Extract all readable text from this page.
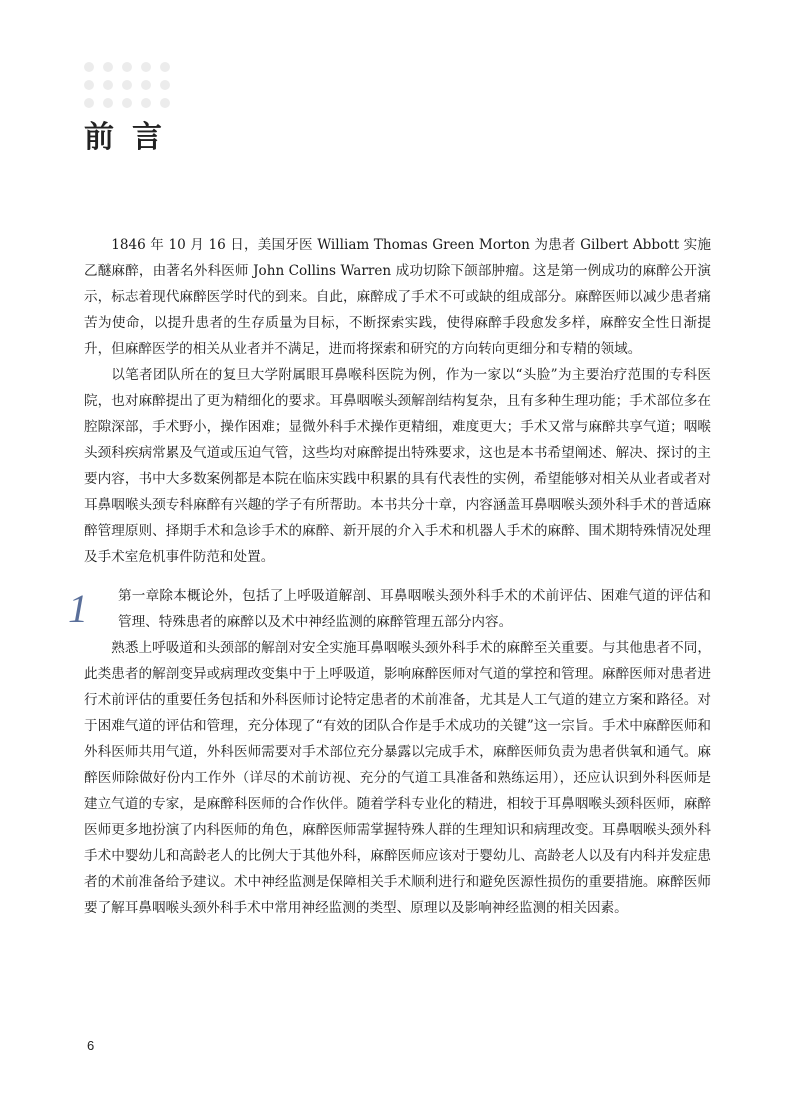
前 言

1846 年 10 月 16 日，美国牙医 William Thomas Green Morton 为患者 Gilbert Abbott 实施乙醚麻醉，由著名外科医师 John Collins Warren 成功切除下颌部肿瘤。这是第一例成功的麻醉公开演示，标志着现代麻醉医学时代的到来。自此，麻醉成了手术不可或缺的组成部分。麻醉医师以减少患者痛苦为使命，以提升患者的生存质量为目标，不断探索实践，使得麻醉手段愈发多样，麻醉安全性日渐提升，但麻醉医学的相关从业者并不满足，进而将探索和研究的方向转向更细分和专精的领域。

以笔者团队所在的复旦大学附属眼耳鼻喉科医院为例，作为一家以“头脸”为主要治疗范围的专科医院，也对麻醉提出了更为精细化的要求。耳鼻咽喉头颈解剖结构复杂，且有多种生理功能；手术部位多在腔隙深部，手术野小，操作困难；显微外科手术操作更精细，难度更大；手术又常与麻醉共享气道；咽喉头颈科疾病常累及气道或压迫气管，这些均对麻醉提出特殊要求，这也是本书希望阐述、解决、探讨的主要内容，书中大多数案例都是本院在临床实践中积累的具有代表性的实例，希望能够对相关从业者或者对耳鼻咽喉头颈专科麻醉有兴趣的学子有所帮助。本书共分十章，内容涵盖耳鼻咽喉头颈外科手术的普适麻醉管理原则、择期手术和急诊手术的麻醉、新开展的介入手术和机器人手术的麻醉、围术期特殊情况处理及手术室危机事件防范和处置。

1	第一章除本概论外，包括了上呼吸道解剖、耳鼻咽喉头颈外科手术的术前评估、困难气道的评估和管理、特殊患者的麻醉以及术中神经监测的麻醉管理五部分内容。

熟悉上呼吸道和头颈部的解剖对安全实施耳鼻咽喉头颈外科手术的麻醉至关重要。与其他患者不同，此类患者的解剖变异或病理改变集中于上呼吸道，影响麻醉医师对气道的掌控和管理。麻醉医师对患者进行术前评估的重要任务包括和外科医师讨论特定患者的术前准备，尤其是人工气道的建立方案和路径。对于困难气道的评估和管理，充分体现了“有效的团队合作是手术成功的关键”这一宗旨。手术中麻醉医师和外科医师共用气道，外科医师需要对手术部位充分暴露以完成手术，麻醉医师负责为患者供氧和通气。麻醉医师除做好份内工作外（详尽的术前访视、充分的气道工具准备和熟练运用），还应认识到外科医师是建立气道的专家，是麻醉科医师的合作伙伴。随着学科专业化的精进，相较于耳鼻咽喉头颈科医师，麻醉医师更多地扮演了内科医师的角色，麻醉医师需掌握特殊人群的生理知识和病理改变。耳鼻咽喉头颈外科手术中婴幼儿和高龄老人的比例大于其他外科，麻醉医师应该对于婴幼儿、高龄老人以及有内科并发症患者的术前准备给予建议。术中神经监测是保障相关手术顺利进行和避免医源性损伤的重要措施。麻醉医师要了解耳鼻咽喉头颈外科手术中常用神经监测的类型、原理以及影响神经监测的相关因素。

6
